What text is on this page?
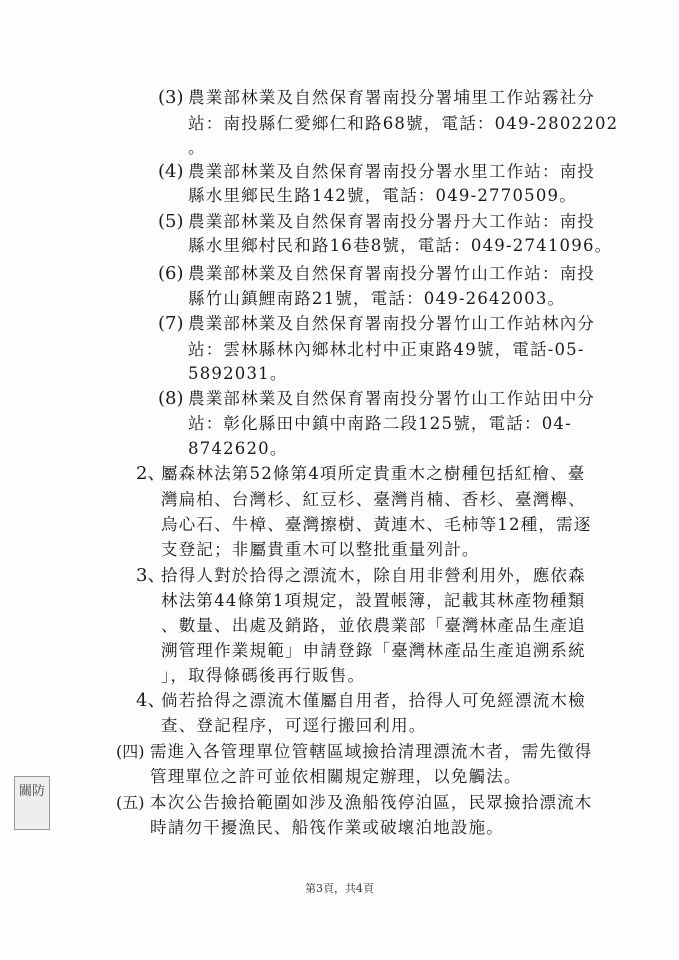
(3) 農業部林業及自然保育署南投分署埔里工作站霧社分
站：南投縣仁愛鄉仁和路68號，電話：049-2802202
。
(4) 農業部林業及自然保育署南投分署水里工作站：南投
縣水里鄉民生路142號，電話：049-2770509。
(5) 農業部林業及自然保育署南投分署丹大工作站：南投
縣水里鄉村民和路16巷8號，電話：049-2741096。
(6) 農業部林業及自然保育署南投分署竹山工作站：南投
縣竹山鎮鯉南路21號，電話：049-2642003。
(7) 農業部林業及自然保育署南投分署竹山工作站林內分
站：雲林縣林內鄉林北村中正東路49號，電話-05-
5892031。
(8) 農業部林業及自然保育署南投分署竹山工作站田中分
站：彰化縣田中鎮中南路二段125號，電話：04-
8742620。
2、
屬森林法第52條第4項所定貴重木之樹種包括紅檜、臺
灣扁柏、台灣杉、紅豆杉、臺灣肖楠、香杉、臺灣櫸、
烏心石、牛樟、臺灣擦樹、黃連木、毛柿等12種，需逐
支登記；非屬貴重木可以整批重量列計。
3、
拾得人對於拾得之漂流木，除自用非營利用外，應依森
林法第44條第1項規定，設置帳簿，記載其林產物種類
、數量、出處及銷路，並依農業部「臺灣林產品生產追
溯管理作業規範」申請登錄「臺灣林產品生產追溯系統
」，取得條碼後再行販售。
4、
倘若拾得之漂流木僅屬自用者，拾得人可免經漂流木檢
查、登記程序，可逕行搬回利用。
(四) 需進入各管理單位管轄區域撿拾清理漂流木者，需先徵得
管理單位之許可並依相關規定辦理，以免觸法。
(五) 本次公告撿拾範圍如涉及漁船筏停泊區，民眾撿拾漂流木
時請勿干擾漁民、船筏作業或破壞泊地設施。
關防
第3頁，共4頁
